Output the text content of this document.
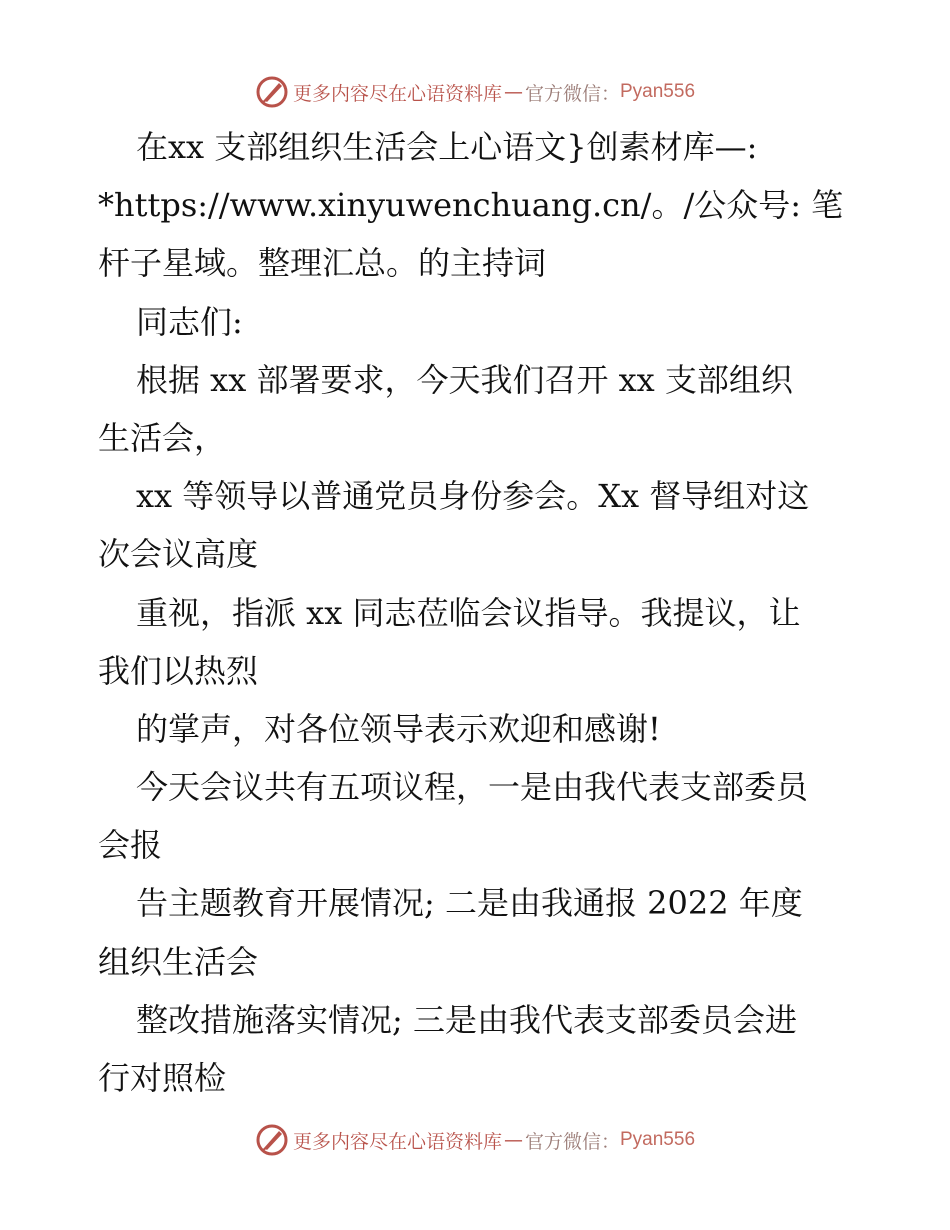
更多内容尽在心语资料库 — 官方微信： Pyan556
在xx 支部组织生活会上心语文}创素材库—:
*https://www.xinyuwenchuang.cn/。/公众号: 笔
杆子星域。整理汇总。的主持词
同志们:
根据 xx 部署要求，今天我们召开 xx 支部组织
生活会，
xx 等领导以普通党员身份参会。Xx 督导组对这
次会议高度
重视，指派 xx 同志莅临会议指导。我提议，让
我们以热烈
的掌声，对各位领导表示欢迎和感谢!
今天会议共有五项议程，一是由我代表支部委员
会报
告主题教育开展情况; 二是由我通报 2022 年度
组织生活会
整改措施落实情况; 三是由我代表支部委员会进
行对照检
更多内容尽在心语资料库 — 官方微信： Pyan556
